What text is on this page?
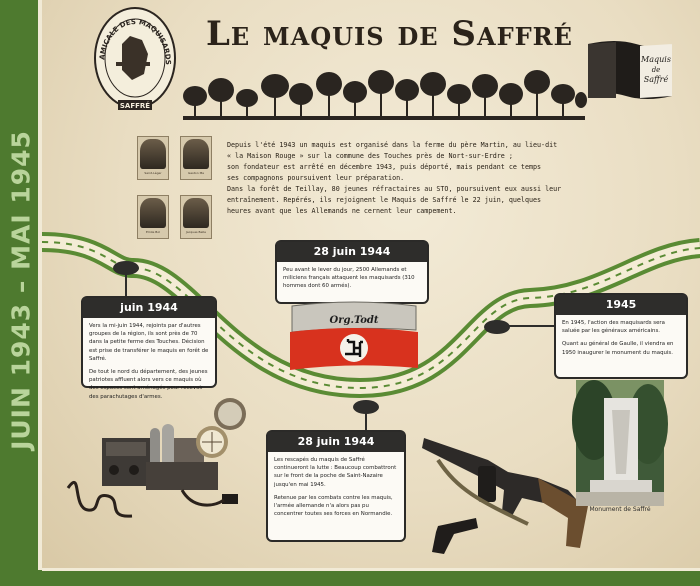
JUIN 1943 – MAI 1945
AMICALE DES MAQUISARDS
SAFFRÉ
Le maquis de Saffré
Maquis
de
Saffré
Saint-Léger	Gaston Ma
Emile Bol	Jacques Belle
Depuis l'été 1943 un maquis est organisé dans la ferme du père Martin, au lieu-dit
« la Maison Rouge » sur la commune des Touches près de Nort-sur-Erdre ;
son fondateur est arrêté en décembre 1943, puis déporté, mais pendant ce temps
ses compagnons poursuivent leur préparation.
Dans la forêt de Teillay, 80 jeunes réfractaires au STO, poursuivent eux aussi leur
entraînement. Repérés, ils rejoignent le Maquis de Saffré le 22 juin, quelques
heures avant que les Allemands ne cernent leur campement.
juin 1944

Vers la mi-juin 1944, rejoints par d'autres groupes de la région, ils sont près de 70 dans la petite ferme des Touches. Décision est prise de transférer le maquis en forêt de Saffré.

De tout le nord du département, des jeunes patriotes affluent alors vers ce maquis où des espaces sont aménagés pour recevoir des parachutages d'armes.

28 juin 1944

Peu avant le lever du jour, 2500 Allemands et miliciens français attaquent les maquisards (310 hommes dont 60 armés).

Org.Todt
28 juin 1944

Les rescapés du maquis de Saffré continueront la lutte : Beaucoup combattront sur le front de la poche de Saint-Nazaire jusqu'en mai 1945.

Retenue par les combats contre les maquis, l'armée allemande n'a alors pas pu concentrer toutes ses forces en Normandie.

1945

En 1945, l'action des maquisards sera saluée par les généraux américains.

Quant au général de Gaulle, il viendra en 1950 inaugurer le monument du maquis.

Monument de Saffré
